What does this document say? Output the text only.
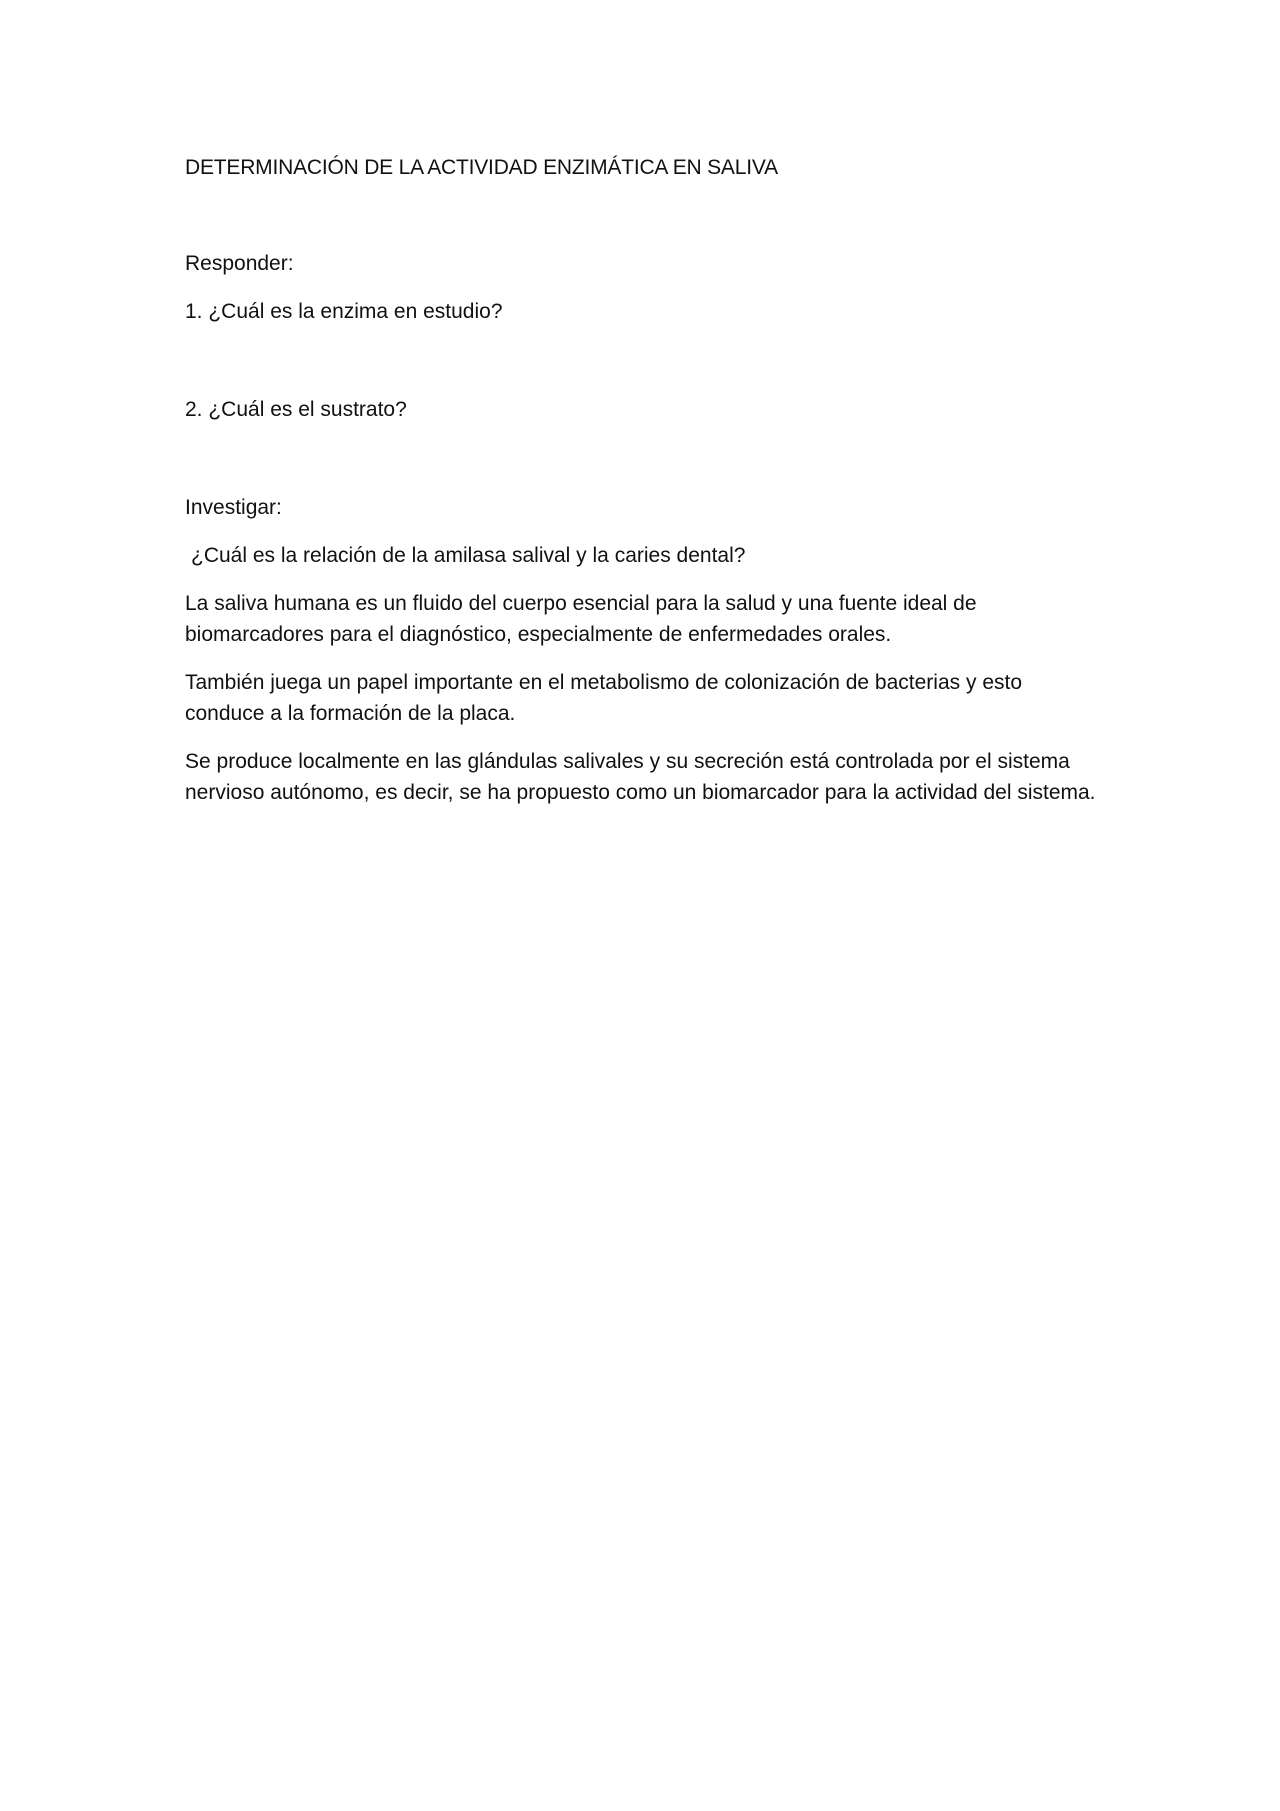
DETERMINACIÓN DE LA ACTIVIDAD ENZIMÁTICA EN SALIVA

Responder:

1. ¿Cuál es la enzima en estudio?

2. ¿Cuál es el sustrato?

Investigar:

¿Cuál es la relación de la amilasa salival y la caries dental?

La saliva humana es un fluido del cuerpo esencial para la salud y una fuente ideal de biomarcadores para el diagnóstico, especialmente de enfermedades orales.

También juega un papel importante en el metabolismo de colonización de bacterias y esto conduce a la formación de la placa.

Se produce localmente en las glándulas salivales y su secreción está controlada por el sistema nervioso autónomo, es decir, se ha propuesto como un biomarcador para la actividad del sistema.
